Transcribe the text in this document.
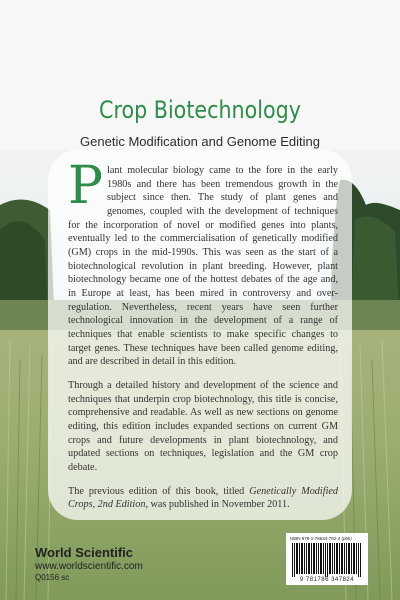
Crop Biotechnology
Genetic Modification and Genome Editing

Plant molecular biology came to the fore in the early 1980s and there has been tremendous growth in the subject since then. The study of plant genes and genomes, coupled with the development of techniques for the incorporation of novel or modified genes into plants, eventually led to the commercialisation of genetically modified (GM) crops in the mid-1990s. This was seen as the start of a biotechnological revolution in plant breeding. However, plant biotechnology became one of the hottest debates of the age and, in Europe at least, has been mired in controversy and over-regulation. Nevertheless, recent years have seen further technological innovation in the development of a range of techniques that enable scientists to make specific changes to target genes. These techniques have been called genome editing, and are described in detail in this edition.

Through a detailed history and development of the science and techniques that underpin crop biotechnology, this title is concise, comprehensive and readable. As well as new sections on genome editing, this edition includes expanded sections on current GM crops and future developments in plant biotechnology, and updated sections on techniques, legislation and the GM crop debate.

The previous edition of this book, titled Genetically Modified Crops, 2nd Edition, was published in November 2011.

World Scientific
www.worldscientific.com
Q0156 sc
ISBN 978-1-78634-782-4 (pbk)
9 781786 347824
